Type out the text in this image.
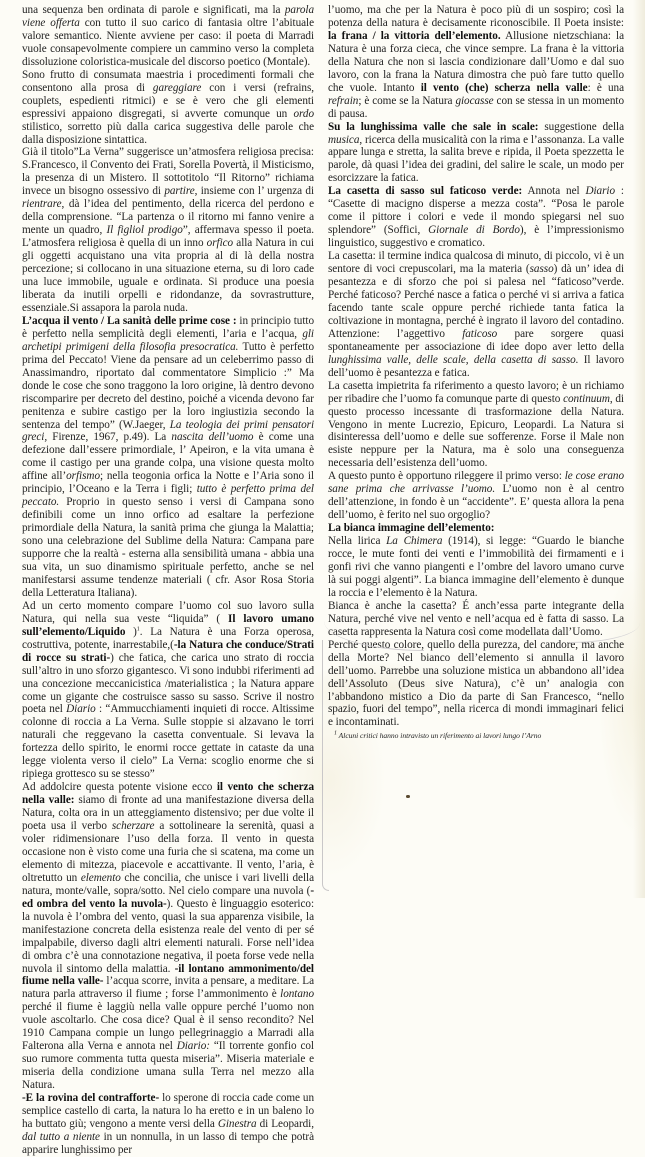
una sequenza ben ordinata di parole e significati, ma la parola viene offerta con tutto il suo carico di fantasia oltre l’abituale valore semantico. Niente avviene per caso: il poeta di Marradi vuole consapevolmente compiere un cammino verso la completa dissoluzione coloristica-musicale del discorso poetico (Montale).

Sono frutto di consumata maestria i procedimenti formali che consentono alla prosa di gareggiare con i versi (refrains, couplets, espedienti ritmici) e se è vero che gli elementi espressivi appaiono disgregati, si avverte comunque un ordo stilistico, sorretto più dalla carica suggestiva delle parole che dalla disposizione sintattica.

Già il titolo”La Verna” suggerisce un’atmosfera religiosa precisa: S.Francesco, il Convento dei Frati, Sorella Povertà, il Misticismo, la presenza di un Mistero. Il sottotitolo “Il Ritorno” richiama invece un bisogno ossessivo di partire, insieme con l’ urgenza di rientrare, dà l’idea del pentimento, della ricerca del perdono e della comprensione. “La partenza o il ritorno mi fanno venire a mente un quadro, Il figliol prodigo”, affermava spesso il poeta. L’atmosfera religiosa è quella di un inno orfico alla Natura in cui gli oggetti acquistano una vita propria al di là della nostra percezione; si collocano in una situazione eterna, su di loro cade una luce immobile, uguale e ordinata. Si produce una poesia liberata da inutili orpelli e ridondanze, da sovrastrutture, essenziale.Si assapora la parola nuda.

L’acqua il vento / La sanità delle prime cose : in principio tutto è perfetto nella semplicità degli elementi, l’aria e l’acqua, gli archetipi primigeni della filosofia presocratica. Tutto è perfetto prima del Peccato! Viene da pensare ad un celeberrimo passo di Anassimandro, riportato dal commentatore Simplicio :” Ma donde le cose che sono traggono la loro origine, là dentro devono riscomparire per decreto del destino, poiché a vicenda devono far penitenza e subire castigo per la loro ingiustizia secondo la sentenza del tempo” (W.Jaeger, La teologia dei primi pensatori greci, Firenze, 1967, p.49). La nascita dell’uomo è come una defezione dall’essere primordiale, l’ Apeiron, e la vita umana è come il castigo per una grande colpa, una visione questa molto affine all’orfismo; nella teogonia orfica la Notte e l’Aria sono il principio, l’Oceano e la Terra i figli; tutto è perfetto prima del peccato. Proprio in questo senso i versi di Campana sono definibili come un inno orfico ad esaltare la perfezione primordiale della Natura, la sanità prima che giunga la Malattia; sono una celebrazione del Sublime della Natura: Campana pare supporre che la realtà - esterna alla sensibilità umana - abbia una sua vita, un suo dinamismo spirituale perfetto, anche se nel manifestarsi assume tendenze materiali ( cfr. Asor Rosa Storia della Letteratura Italiana).

Ad un certo momento compare l’uomo col suo lavoro sulla Natura, qui nella sua veste “liquida” ( Il lavoro umano sull’elemento/Liquido )$^1$. La Natura è una Forza operosa, costruttiva, potente, inarrestabile,(-la Natura che conduce/Strati di rocce su strati-) che fatica, che carica uno strato di roccia sull’altro in uno sforzo gigantesco. Vi sono indubbi riferimenti ad una concezione meccanicistica /materialistica ; la Natura appare come un gigante che costruisce sasso su sasso. Scrive il nostro poeta nel Diario : “Ammucchiamenti inquieti di rocce. Altissime colonne di roccia a La Verna. Sulle stoppie si alzavano le torri naturali che reggevano la casetta conventuale. Si levava la fortezza dello spirito, le enormi rocce gettate in cataste da una legge violenta verso il cielo” La Verna: scoglio enorme che si ripiega grottesco su se stesso”

Ad addolcire questa potente visione ecco il vento che scherza nella valle: siamo di fronte ad una manifestazione diversa della Natura, colta ora in un atteggiamento distensivo; per due volte il poeta usa il verbo scherzare a sottolineare la serenità, quasi a voler ridimensionare l’uso della forza. Il vento in questa occasione non è visto come una furia che si scatena, ma come un elemento di mitezza, piacevole e accattivante. Il vento, l’aria, è oltretutto un elemento che concilia, che unisce i vari livelli della natura, monte/valle, sopra/sotto. Nel cielo compare una nuvola (-ed ombra del vento la nuvola-). Questo è linguaggio esoterico: la nuvola è l’ombra del vento, quasi la sua apparenza visibile, la manifestazione concreta della esistenza reale del vento di per sé impalpabile, diverso dagli altri elementi naturali. Forse nell’idea di ombra c’è una connotazione negativa, il poeta forse vede nella nuvola il sintomo della malattia. -il lontano ammonimento/del fiume nella valle- l’acqua scorre, invita a pensare, a meditare. La natura parla attraverso il fiume ; forse l’ammonimento è lontano perché il fiume è laggiù nella valle oppure perché l’uomo non vuole ascoltarlo. Che cosa dice? Qual è il senso recondito? Nel 1910 Campana compie un lungo pellegrinaggio a Marradi alla Falterona alla Verna e annota nel Diario: “Il torrente gonfio col suo rumore commenta tutta questa miseria”. Miseria materiale e miseria della condizione umana sulla Terra nel mezzo alla Natura.

-E la rovina del contrafforte- lo sperone di roccia cade come un semplice castello di carta, la natura lo ha eretto e in un baleno lo ha buttato giù; vengono a mente versi della Ginestra di Leopardi, dal tutto a niente in un nonnulla, in un lasso di tempo che potrà apparire lunghissimo per

l’uomo, ma che per la Natura è poco più di un sospiro; così la potenza della natura è decisamente riconoscibile. Il Poeta insiste: la frana / la vittoria dell’elemento. Allusione nietzschiana: la Natura è una forza cieca, che vince sempre. La frana è la vittoria della Natura che non si lascia condizionare dall’Uomo e dal suo lavoro, con la frana la Natura dimostra che può fare tutto quello che vuole. Intanto il vento (che) scherza nella valle: è una refrain; è come se la Natura giocasse con se stessa in un momento di pausa.

Su la lunghissima valle che sale in scale: suggestione della musica, ricerca della musicalità con la rima e l’assonanza. La valle appare lunga e stretta, la salita breve e ripida, il Poeta spezzetta le parole, dà quasi l’idea dei gradini, del salire le scale, un modo per esorcizzare la fatica.

La casetta di sasso sul faticoso verde: Annota nel Diario : “Casette di macigno disperse a mezza costa”. “Posa le parole come il pittore i colori e vede il mondo spiegarsi nel suo splendore” (Soffici, Giornale di Bordo), è l’impressionismo linguistico, suggestivo e cromatico.

La casetta: il termine indica qualcosa di minuto, di piccolo, vi è un sentore di voci crepuscolari, ma la materia (sasso) dà un’ idea di pesantezza e di sforzo che poi si palesa nel “faticoso”verde. Perché faticoso? Perché nasce a fatica o perché vi si arriva a fatica facendo tante scale oppure perché richiede tanta fatica la coltivazione in montagna, perché è ingrato il lavoro del contadino. Attenzione: l’aggettivo faticoso pare sorgere quasi spontaneamente per associazione di idee dopo aver letto della lunghissima valle, delle scale, della casetta di sasso. Il lavoro dell’uomo è pesantezza e fatica.

La casetta impietrita fa riferimento a questo lavoro; è un richiamo per ribadire che l’uomo fa comunque parte di questo continuum, di questo processo incessante di trasformazione della Natura. Vengono in mente Lucrezio, Epicuro, Leopardi. La Natura si disinteressa dell’uomo e delle sue sofferenze. Forse il Male non esiste neppure per la Natura, ma è solo una conseguenza necessaria dell’esistenza dell’uomo.

A questo punto è opportuno rileggere il primo verso: le cose erano sane prima che arrivasse l’uomo. L’uomo non è al centro dell’attenzione, in fondo è un “accidente”. E’ questa allora la pena dell’uomo, è ferito nel suo orgoglio?

La bianca immagine dell’elemento:

Nella lirica La Chimera (1914), si legge: “Guardo le bianche rocce, le mute fonti dei venti e l’immobilità dei firmamenti e i gonfi rivi che vanno piangenti e l’ombre del lavoro umano curve là sui poggi algenti”. La bianca immagine dell’elemento è dunque la roccia e l’elemento è la Natura.

Bianca è anche la casetta? É anch’essa parte integrante della Natura, perché vive nel vento e nell’acqua ed è fatta di sasso. La casetta rappresenta la Natura così come modellata dall’Uomo.

Perché questo colore, quello della purezza, del candore, ma anche della Morte? Nel bianco dell’elemento si annulla il lavoro dell’uomo. Parrebbe una soluzione mistica un abbandono all’idea dell’Assoluto (Deus sive Natura), c’è un’ analogia con l’abbandono mistico a Dio da parte di San Francesco, “nello spazio, fuori del tempo”, nella ricerca di mondi immaginari felici e incontaminati.

$^1$ Alcuni critici hanno intravisto un riferimento ai lavori lungo l’Arno
